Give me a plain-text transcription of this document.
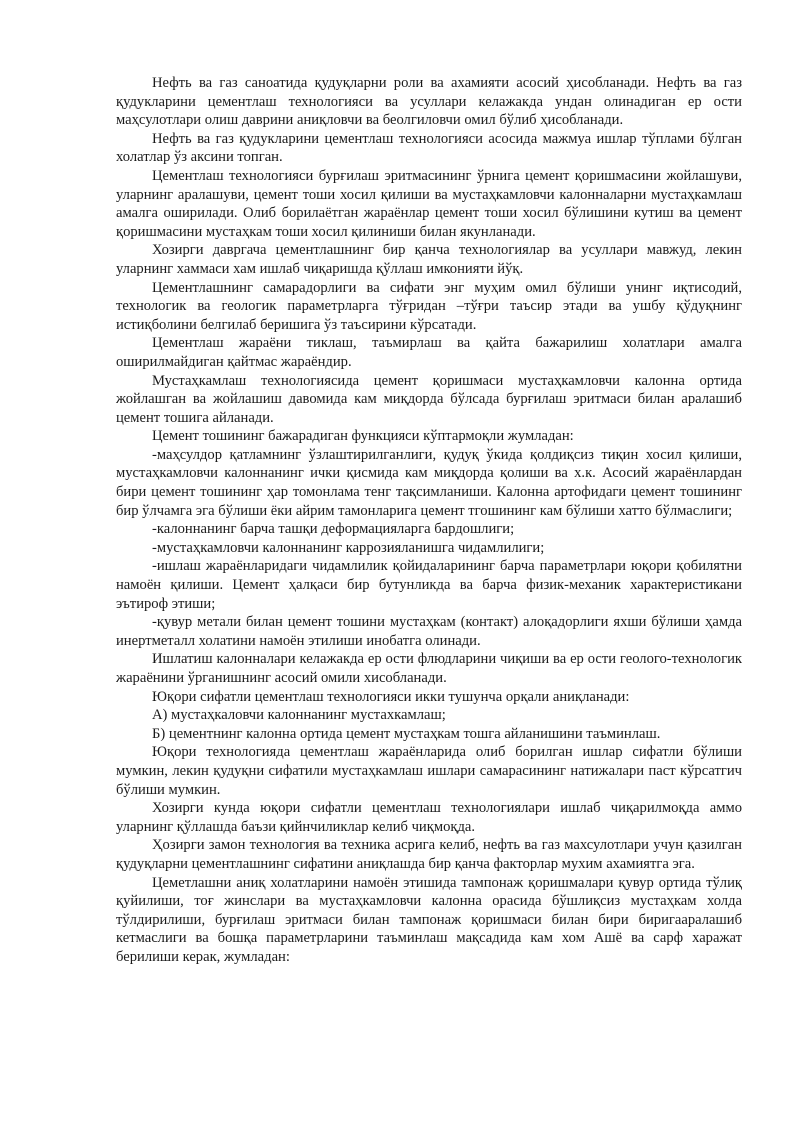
Нефть ва газ саноатида қудуқларни роли ва ахамияти асосий ҳисобланади. Нефть ва газ қудукларини цементлаш технологияси ва усуллари келажакда ундан олинадиган ер ости маҳсулотлари олиш даврини аниқловчи ва беолгиловчи омил бўлиб ҳисобланади.

Нефть ва газ қудукларини цементлаш технологияси асосида мажмуа ишлар тўплами бўлган холатлар ўз аксини топган.

Цементлаш технологияси бурғилаш эритмасининг ўрнига цемент қоришмасини жойлашуви, уларнинг аралашуви, цемент тоши хосил қилиши ва мустаҳкамловчи калонналарни мустаҳкамлаш амалга оширилади. Олиб борилаётган жараёнлар цемент тоши хосил бўлишини кутиш ва цемент қоришмасини мустаҳкам тоши хосил қилиниши билан якунланади.

Хозирги давргача цементлашнинг бир қанча технологиялар ва усуллари мавжуд, лекин уларнинг хаммаси хам ишлаб чиқаришда қўллаш имконияти йўқ.

Цементлашнинг самарадорлиги ва сифати энг муҳим омил бўлиши унинг иқтисодий, технологик ва геологик параметрларга тўғридан –тўғри таъсир этади ва ушбу қўдуқнинг истиқболини белгилаб беришига ўз таъсирини кўрсатади.

Цементлаш жараёни тиклаш, таъмирлаш ва қайта бажарилиш холатлари амалга оширилмайдиган қайтмас жараёндир.

Мустаҳкамлаш технологиясида цемент қоришмаси мустаҳкамловчи калонна ортида жойлашган ва жойлашиш давомида кам миқдорда бўлсада бурғилаш эритмаси билан аралашиб цемент тошига айланади.

Цемент тошининг бажарадиган функцияси кўптармоқли жумладан:

-маҳсулдор қатламнинг ўзлаштирилганлиги, қудуқ ўкида қолдиқсиз тиқин хосил қилиши, мустаҳкамловчи калоннанинг ички қисмида кам миқдорда қолиши ва х.к. Асосий жараёнлардан бири цемент тошининг ҳар томонлама тенг тақсимланиши. Калонна артофидаги цемент тошининг бир ўлчамга эга бўлиши ёки айрим тамонларига цемент тгошининг кам бўлиши хатто бўлмаслиги;

-калоннанинг барча ташқи деформацияларга бардошлиги;

-мустаҳкамловчи калоннанинг каррозияланишга чидамлилиги;

-ишлаш жараёнларидаги чидамлилик қойидаларининг барча параметрлари юқори қобилятни намоён қилиши. Цемент ҳалқаси бир бутунликда ва барча физик-механик характеристикани эътироф этиши;

-қувур метали билан цемент тошини мустаҳкам (контакт) алоқадорлиги яхши бўлиши ҳамда инертметалл холатини намоён этилиши инобатга олинади.

Ишлатиш калонналари келажакда ер ости флюдларини чиқиши ва ер ости геолого-технологик жараёнини ўрганишнинг асосий омили хисобланади.

Юқори сифатли цементлаш технологияси икки тушунча орқали аниқланади:

А) мустаҳкаловчи калоннанинг мустахкамлаш;

Б) цементнинг калонна ортида цемент мустаҳкам тошга айланишини таъминлаш.

Юқори технологияда цементлаш жараёнларида олиб борилган ишлар сифатли бўлиши мумкин, лекин қудуқни сифатили мустаҳкамлаш ишлари самарасининг натижалари паст кўрсатгич бўлиши мумкин.

Хозирги кунда юқори сифатли цементлаш технологиялари ишлаб чиқарилмоқда аммо уларнинг қўллашда баъзи қийнчиликлар келиб чиқмоқда.

Ҳозирги замон технология ва техника асрига келиб, нефть ва газ махсулотлари учун қазилган қудуқларни цементлашнинг сифатини аниқлашда бир қанча факторлар мухим ахамиятга эга.

Цеметлашни аниқ холатларини намоён этишида тампонаж қоришмалари қувур ортида тўлиқ қуйилиши, тоғ жинслари ва мустаҳкамловчи калонна орасида бўшлиқсиз мустаҳкам холда тўлдирилиши, бурғилаш эритмаси билан тампонаж қоришмаси билан бири биригааралашиб кетмаслиги ва бошқа параметрларини таъминлаш мақсадида кам хом Ашё ва сарф харажат берилиши керак, жумладан:
